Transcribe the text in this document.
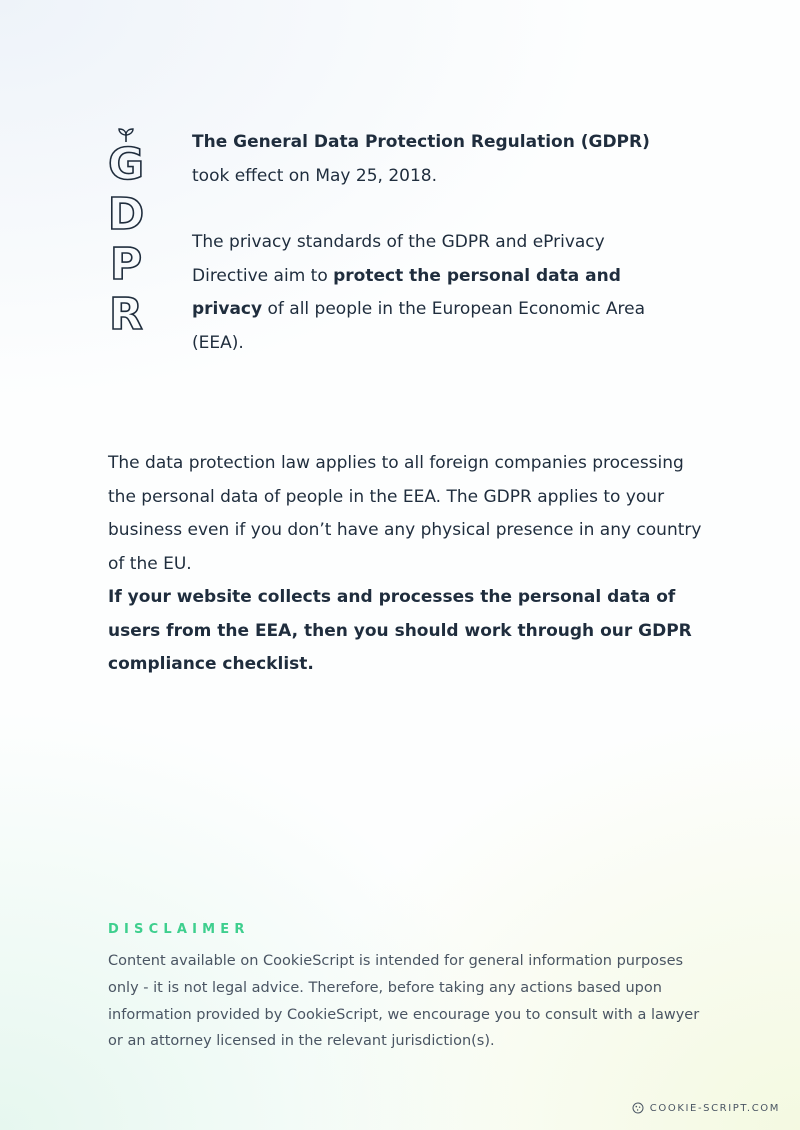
G
D
P
R

The General Data Protection Regulation (GDPR)
took effect on May 25, 2018.

The privacy standards of the GDPR and ePrivacy Directive aim to protect the personal data and privacy of all people in the European Economic Area (EEA).

The data protection law applies to all foreign companies processing the personal data of people in the EEA. The GDPR applies to your business even if you don’t have any physical presence in any country of the EU.

If your website collects and processes the personal data of users from the EEA, then you should work through our GDPR compliance checklist.

DISCLAIMER
Content available on CookieScript is intended for general information purposes only - it is not legal advice. Therefore, before taking any actions based upon information provided by CookieScript, we encourage you to consult with a lawyer or an attorney licensed in the relevant jurisdiction(s).
COOKIE-SCRIPT.COM
